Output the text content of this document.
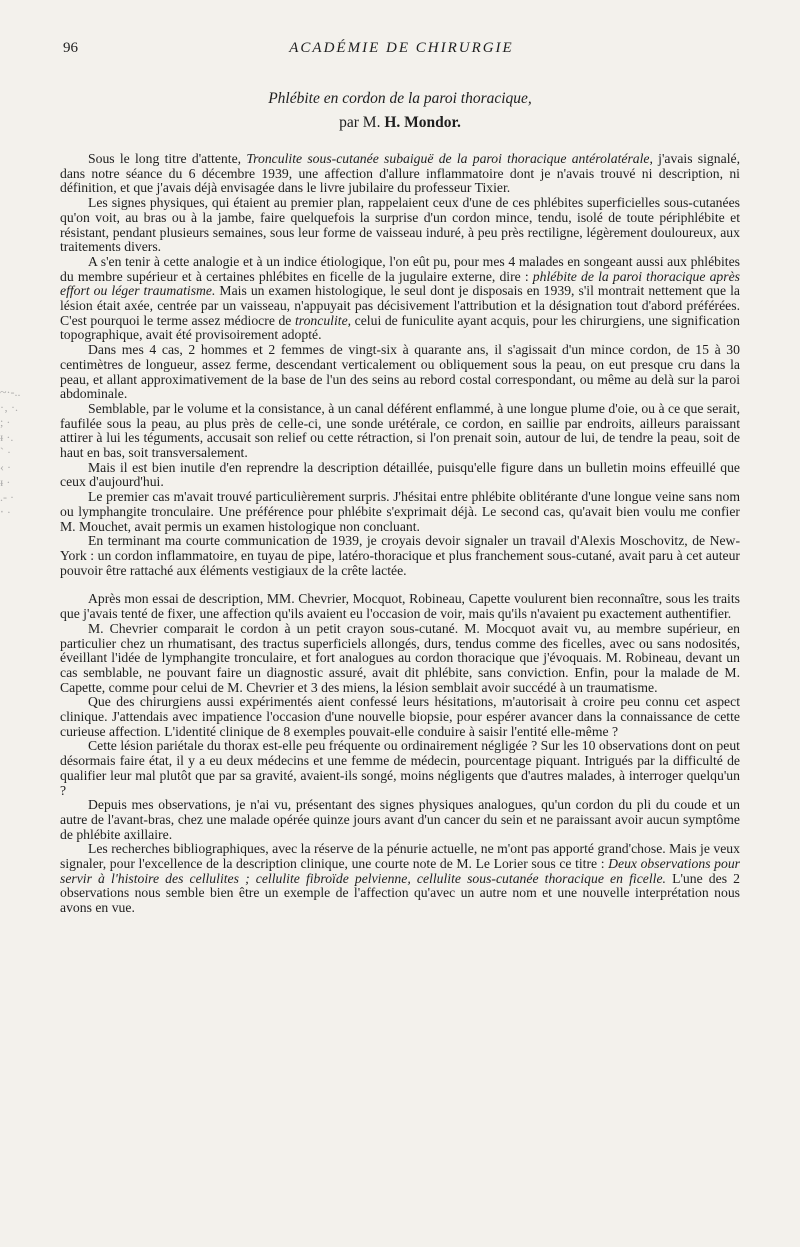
96	ACADÉMIE DE CHIRURGIE
Phlébite en cordon de la paroi thoracique,

par M. H. Mondor.

~·-..
·‚ ·.
; ·
ᵻ ·.
` ·
‹ ·
ᵻ ·
.- ·
‧ ·

Sous le long titre d'attente, Tronculite sous-cutanée subaiguë de la paroi thoracique antérolatérale, j'avais signalé, dans notre séance du 6 décembre 1939, une affection d'allure inflammatoire dont je n'avais trouvé ni description, ni définition, et que j'avais déjà envisagée dans le livre jubilaire du professeur Tixier.

Les signes physiques, qui étaient au premier plan, rappelaient ceux d'une de ces phlébites superficielles sous-cutanées qu'on voit, au bras ou à la jambe, faire quelquefois la surprise d'un cordon mince, tendu, isolé de toute périphlébite et résistant, pendant plusieurs semaines, sous leur forme de vaisseau induré, à peu près rectiligne, légèrement douloureux, aux traitements divers.

A s'en tenir à cette analogie et à un indice étiologique, l'on eût pu, pour mes 4 malades en songeant aussi aux phlébites du membre supérieur et à certaines phlébites en ficelle de la jugulaire externe, dire : phlébite de la paroi thoracique après effort ou léger traumatisme. Mais un examen histologique, le seul dont je disposais en 1939, s'il montrait nettement que la lésion était axée, centrée par un vaisseau, n'appuyait pas décisivement l'attribution et la désignation tout d'abord préférées. C'est pourquoi le terme assez médiocre de tronculite, celui de funiculite ayant acquis, pour les chirurgiens, une signification topographique, avait été provisoirement adopté.

Dans mes 4 cas, 2 hommes et 2 femmes de vingt-six à quarante ans, il s'agissait d'un mince cordon, de 15 à 30 centimètres de longueur, assez ferme, descendant verticalement ou obliquement sous la peau, on eut presque cru dans la peau, et allant approximativement de la base de l'un des seins au rebord costal correspondant, ou même au delà sur la paroi abdominale.

Semblable, par le volume et la consistance, à un canal déférent enflammé, à une longue plume d'oie, ou à ce que serait, faufilée sous la peau, au plus près de celle-ci, une sonde urétérale, ce cordon, en saillie par endroits, ailleurs paraissant attirer à lui les téguments, accusait son relief ou cette rétraction, si l'on prenait soin, autour de lui, de tendre la peau, soit de haut en bas, soit transversalement.

Mais il est bien inutile d'en reprendre la description détaillée, puisqu'elle figure dans un bulletin moins effeuillé que ceux d'aujourd'hui.

Le premier cas m'avait trouvé particulièrement surpris. J'hésitai entre phlébite oblitérante d'une longue veine sans nom ou lymphangite tronculaire. Une préférence pour phlébite s'exprimait déjà. Le second cas, qu'avait bien voulu me confier M. Mouchet, avait permis un examen histologique non concluant.

En terminant ma courte communication de 1939, je croyais devoir signaler un travail d'Alexis Moschovitz, de New-York : un cordon inflammatoire, en tuyau de pipe, latéro-thoracique et plus franchement sous-cutané, avait paru à cet auteur pouvoir être rattaché aux éléments vestigiaux de la crête lactée.

Après mon essai de description, MM. Chevrier, Mocquot, Robineau, Capette voulurent bien reconnaître, sous les traits que j'avais tenté de fixer, une affection qu'ils avaient eu l'occasion de voir, mais qu'ils n'avaient pu exactement authentifier.

M. Chevrier comparait le cordon à un petit crayon sous-cutané. M. Mocquot avait vu, au membre supérieur, en particulier chez un rhumatisant, des tractus superficiels allongés, durs, tendus comme des ficelles, avec ou sans nodosités, éveillant l'idée de lymphangite tronculaire, et fort analogues au cordon thoracique que j'évoquais. M. Robineau, devant un cas semblable, ne pouvant faire un diagnostic assuré, avait dit phlébite, sans conviction. Enfin, pour la malade de M. Capette, comme pour celui de M. Chevrier et 3 des miens, la lésion semblait avoir succédé à un traumatisme.

Que des chirurgiens aussi expérimentés aient confessé leurs hésitations, m'autorisait à croire peu connu cet aspect clinique. J'attendais avec impatience l'occasion d'une nouvelle biopsie, pour espérer avancer dans la connaissance de cette curieuse affection. L'identité clinique de 8 exemples pouvait-elle conduire à saisir l'entité elle-même ?

Cette lésion pariétale du thorax est-elle peu fréquente ou ordinairement négligée ? Sur les 10 observations dont on peut désormais faire état, il y a eu deux médecins et une femme de médecin, pourcentage piquant. Intrigués par la difficulté de qualifier leur mal plutôt que par sa gravité, avaient-ils songé, moins négligents que d'autres malades, à interroger quelqu'un ?

Depuis mes observations, je n'ai vu, présentant des signes physiques analogues, qu'un cordon du pli du coude et un autre de l'avant-bras, chez une malade opérée quinze jours avant d'un cancer du sein et ne paraissant avoir aucun symptôme de phlébite axillaire.

Les recherches bibliographiques, avec la réserve de la pénurie actuelle, ne m'ont pas apporté grand'chose. Mais je veux signaler, pour l'excellence de la description clinique, une courte note de M. Le Lorier sous ce titre : Deux observations pour servir à l'histoire des cellulites ; cellulite fibroïde pelvienne, cellulite sous-cutanée thoracique en ficelle. L'une des 2 observations nous semble bien être un exemple de l'affection qu'avec un autre nom et une nouvelle interprétation nous avons en vue.
